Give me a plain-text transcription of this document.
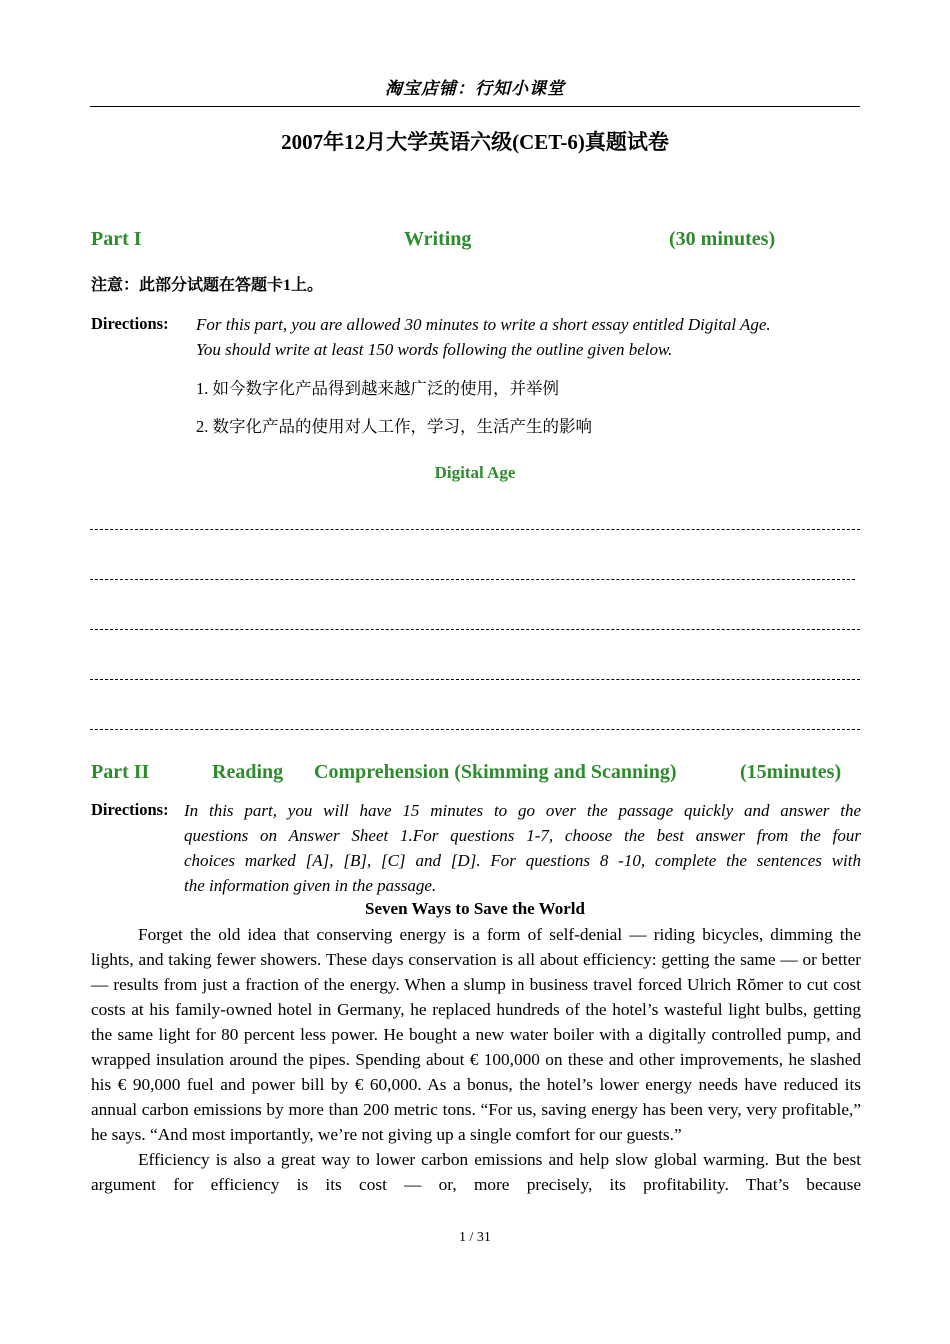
淘宝店铺：行知小课堂
2007年12月大学英语六级(CET-6)真题试卷
Part I	Writing	(30 minutes)
注意：此部分试题在答题卡1上。
Directions: For this part, you are allowed 30 minutes to write a short essay entitled Digital Age.
You should write at least 150 words following the outline given below.
1. 如今数字化产品得到越来越广泛的使用，并举例
2. 数字化产品的使用对人工作，学习，生活产生的影响
Digital Age
Part II	Reading Comprehension (Skimming and Scanning)	(15minutes)
Directions: In this part, you will have 15 minutes to go over the passage quickly and answer the
questions on Answer Sheet 1.For questions 1-7, choose the best answer from the four
choices marked [A], [B], [C] and [D]. For questions 8 -10, complete the sentences with
the information given in the passage.
Seven Ways to Save the World

Forget the old idea that conserving energy is a form of self-denial — riding bicycles, dimming the lights, and taking fewer showers. These days conservation is all about efficiency: getting the same — or better — results from just a fraction of the energy. When a slump in business travel forced Ulrich Rŏmer to cut cost costs at his family-owned hotel in Germany, he replaced hundreds of the hotel’s wasteful light bulbs, getting the same light for 80 percent less power. He bought a new water boiler with a digitally controlled pump, and wrapped insulation around the pipes. Spending about € 100,000 on these and other improvements, he slashed his € 90,000 fuel and power bill by € 60,000. As a bonus, the hotel’s lower energy needs have reduced its annual carbon emissions by more than 200 metric tons. “For us, saving energy has been very, very profitable,” he says. “And most importantly, we’re not giving up a single comfort for our guests.”

Efficiency is also a great way to lower carbon emissions and help slow global warming. But the best argument for efficiency is its cost — or, more precisely, its profitability. That’s because

1 / 31
